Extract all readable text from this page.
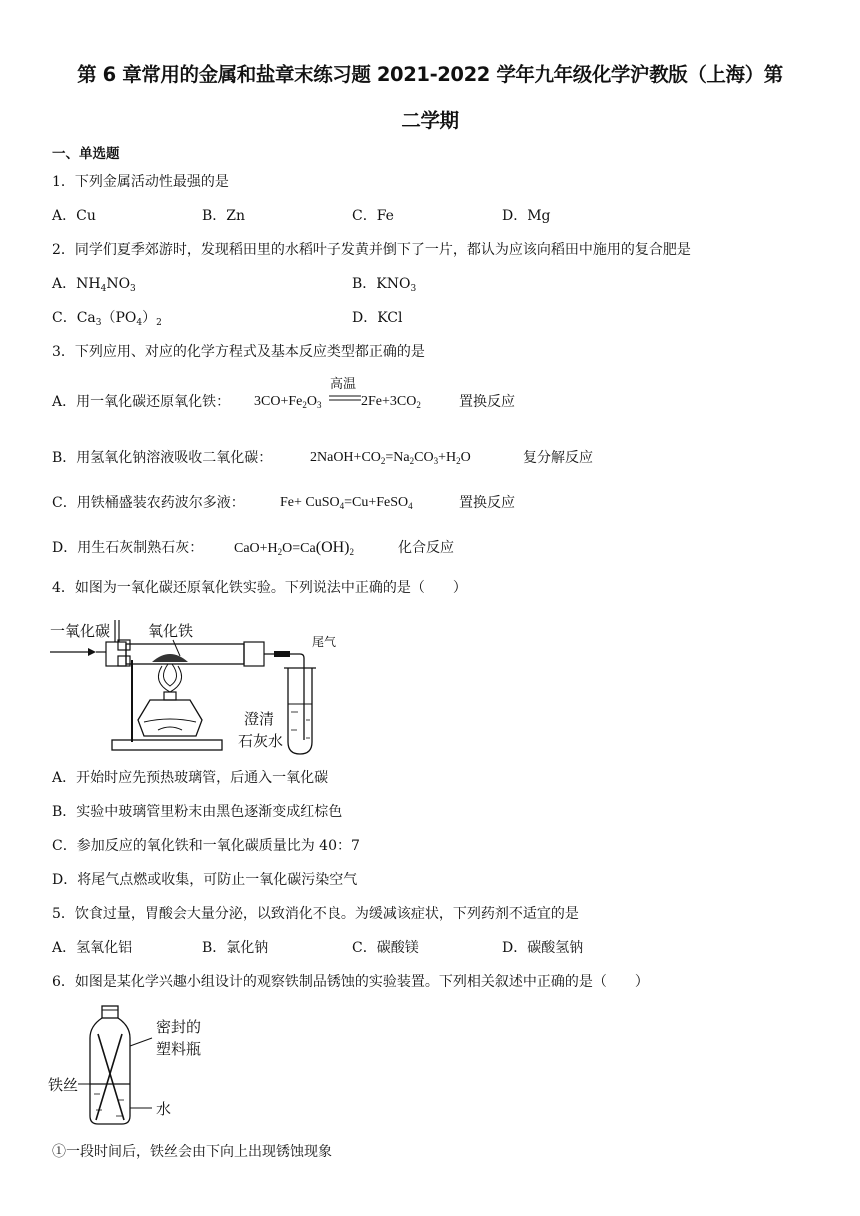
第 6 章常用的金属和盐章末练习题 2021-2022 学年九年级化学沪教版（上海）第
二学期
一、单选题
1．下列金属活动性最强的是
A．Cu	B．Zn	C．Fe	D．Mg
2．同学们夏季郊游时，发现稻田里的水稻叶子发黄并倒下了一片，都认为应该向稻田中施用的复合肥是
A．$NH_4NO_3$	B．$KNO_3$
C．$Ca_3(PO_4)_2$	D．KCl
3．下列应用、对应的化学方程式及基本反应类型都正确的是
A．用一氧化碳还原氧化铁：
高温
$3CO+Fe_2O_3$	$2Fe+3CO_2$	置换反应
B．用氢氧化钠溶液吸收二氧化碳：	$2NaOH+CO_2=Na_2CO_3+H_2O$	复分解反应
C．用铁桶盛装农药波尔多液：	Fe+ CuSO$_4$=Cu+FeSO$_4$	置换反应
D．用生石灰制熟石灰： $CaO+H_2O=Ca(OH)_2$	化合反应
4．如图为一氧化碳还原氧化铁实验。下列说法中正确的是（　　）
一氧化碳	氧化铁
尾气
澄清
石灰水
A．开始时应先预热玻璃管，后通入一氧化碳
B．实验中玻璃管里粉末由黑色逐渐变成红棕色
C．参加反应的氧化铁和一氧化碳质量比为 40：7
D．将尾气点燃或收集，可防止一氧化碳污染空气
5．饮食过量，胃酸会大量分泌，以致消化不良。为缓减该症状，下列药剂不适宜的是
A．氢氧化铝	B．氯化钠	C．碳酸镁	D．碳酸氢钠
6．如图是某化学兴趣小组设计的观察铁制品锈蚀的实验装置。下列相关叙述中正确的是（　　）
密封的
塑料瓶
铁丝
水
①一段时间后，铁丝会由下向上出现锈蚀现象
